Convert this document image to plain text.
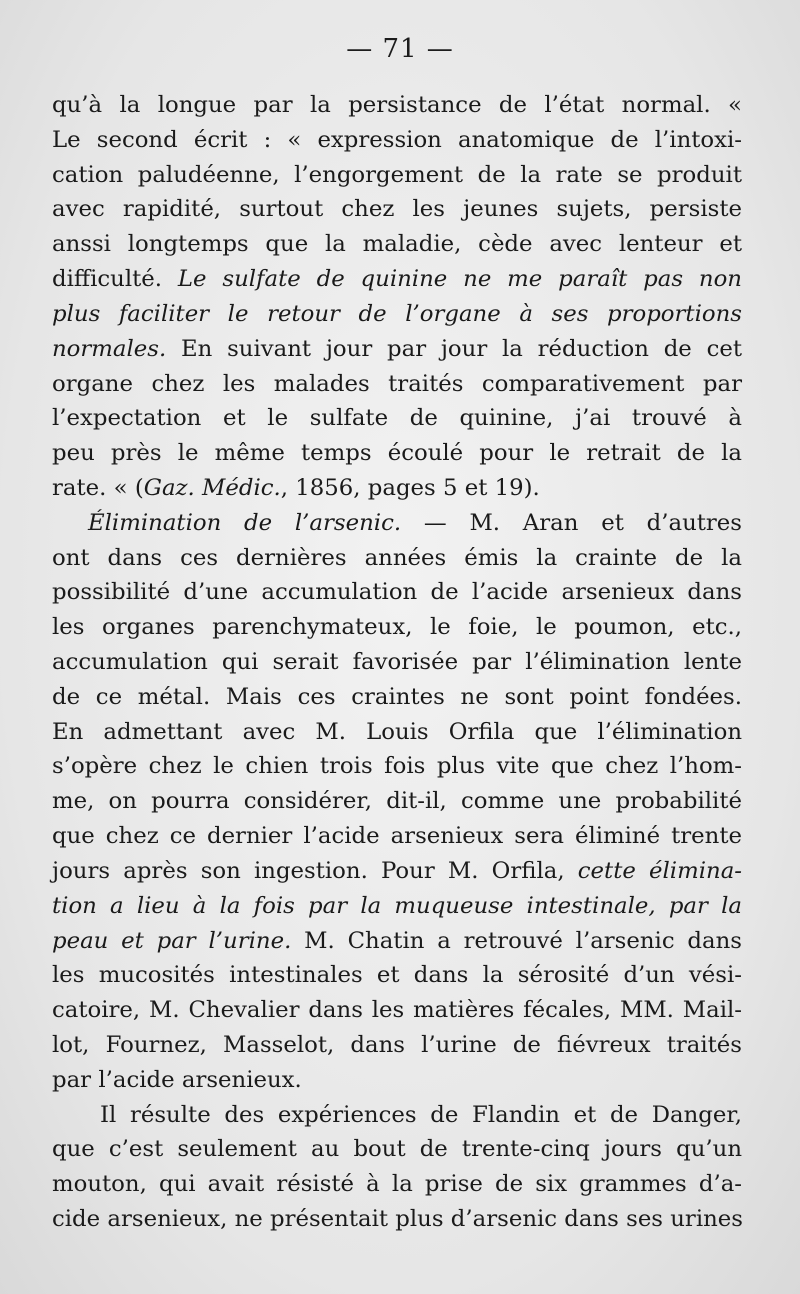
— 71 —
qu’à la longue par la persistance de l’état normal. «
Le second écrit : « expression anatomique de l’intoxi-
cation paludéenne, l’engorgement de la rate se produit
avec rapidité, surtout chez les jeunes sujets, persiste
anssi longtemps que la maladie, cède avec lenteur et
difficulté. Le sulfate de quinine ne me paraît pas non
plus faciliter le retour de l’organe à ses proportions
normales. En suivant jour par jour la réduction de cet
organe chez les malades traités comparativement par
l’expectation et le sulfate de quinine, j’ai trouvé à
peu près le même temps écoulé pour le retrait de la
rate. « (Gaz. Médic., 1856, pages 5 et 19).
Élimination de l’arsenic. — M. Aran et d’autres
ont dans ces dernières années émis la crainte de la
possibilité d’une accumulation de l’acide arsenieux dans
les organes parenchymateux, le foie, le poumon, etc.,
accumulation qui serait favorisée par l’élimination lente
de ce métal. Mais ces craintes ne sont point fondées.
En admettant avec M. Louis Orfila que l’élimination
s’opère chez le chien trois fois plus vite que chez l’hom-
me, on pourra considérer, dit-il, comme une probabilité
que chez ce dernier l’acide arsenieux sera éliminé trente
jours après son ingestion. Pour M. Orfila, cette élimina-
tion a lieu à la fois par la muqueuse intestinale, par la
peau et par l’urine. M. Chatin a retrouvé l’arsenic dans
les mucosités intestinales et dans la sérosité d’un vési-
catoire, M. Chevalier dans les matières fécales, MM. Mail-
lot, Fournez, Masselot, dans l’urine de fiévreux traités
par l’acide arsenieux.
Il résulte des expériences de Flandin et de Danger,
que c’est seulement au bout de trente-cinq jours qu’un
mouton, qui avait résisté à la prise de six grammes d’a-
cide arsenieux, ne présentait plus d’arsenic dans ses urines
